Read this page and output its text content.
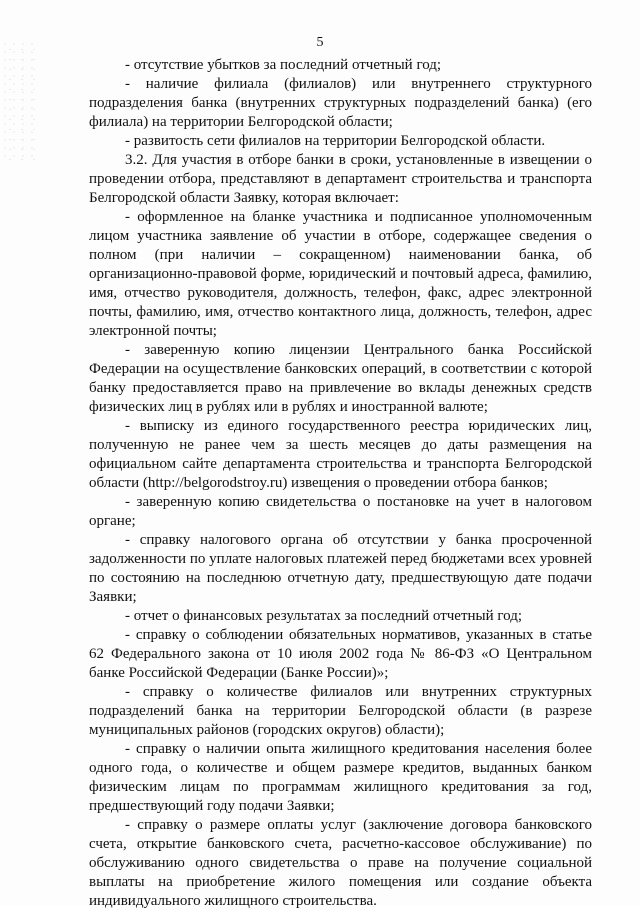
5

- отсутствие убытков за последний отчетный год;

- наличие филиала (филиалов) или внутреннего структурного подразделения банка (внутренних структурных подразделений банка) (его филиала) на территории Белгородской области;

- развитость сети филиалов на территории Белгородской области.

3.2. Для участия в отборе банки в сроки, установленные в извещении о проведении отбора, представляют в департамент строительства и транспорта Белгородской области Заявку, которая включает:

- оформленное на бланке участника и подписанное уполномоченным лицом участника заявление об участии в отборе, содержащее сведения о полном (при наличии – сокращенном) наименовании банка, об организационно-правовой форме, юридический и почтовый адреса, фамилию, имя, отчество руководителя, должность, телефон, факс, адрес электронной почты, фамилию, имя, отчество контактного лица, должность, телефон, адрес электронной почты;

- заверенную копию лицензии Центрального банка Российской Федерации на осуществление банковских операций, в соответствии с которой банку предоставляется право на привлечение во вклады денежных средств физических лиц в рублях или в рублях и иностранной валюте;

- выписку из единого государственного реестра юридических лиц, полученную не ранее чем за шесть месяцев до даты размещения на официальном сайте департамента строительства и транспорта Белгородской области (http://belgorodstroy.ru) извещения о проведении отбора банков;

- заверенную копию свидетельства о постановке на учет в налоговом органе;

- справку налогового органа об отсутствии у банка просроченной задолженности по уплате налоговых платежей перед бюджетами всех уровней по состоянию на последнюю отчетную дату, предшествующую дате подачи Заявки;

- отчет о финансовых результатах за последний отчетный год;

- справку о соблюдении обязательных нормативов, указанных в статье 62 Федерального закона от 10 июля 2002 года № 86-ФЗ «О Центральном банке Российской Федерации (Банке России)»;

- справку о количестве филиалов или внутренних структурных подразделений банка на территории Белгородской области (в разрезе муниципальных районов (городских округов) области);

- справку о наличии опыта жилищного кредитования населения более одного года, о количестве и общем размере кредитов, выданных банком физическим лицам по программам жилищного кредитования за год, предшествующий году подачи Заявки;

- справку о размере оплаты услуг (заключение договора банковского счета, открытие банковского счета, расчетно-кассовое обслуживание) по обслуживанию одного свидетельства о праве на получение социальной выплаты на приобретение жилого помещения или создание объекта индивидуального жилищного строительства.
